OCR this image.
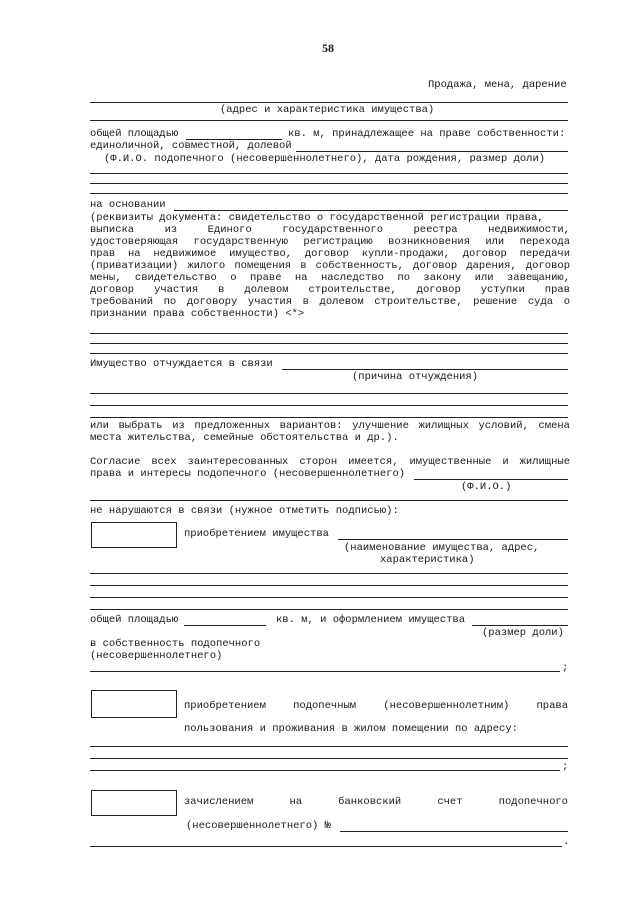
58
Продажа, мена, дарение
(адрес и характеристика имущества)
общей площадью	кв. м, принадлежащее на праве собственности:
единоличной, совместной, долевой
(Ф.И.О. подопечного (несовершеннолетнего), дата рождения, размер доли)
на основании
(реквизиты документа: свидетельство о государственной регистрации права,
выписка из Единого государственного реестра недвижимости,
удостоверяющая государственную регистрацию возникновения или перехода
прав на недвижимое имущество, договор купли-продажи, договор передачи
(приватизации) жилого помещения в собственность, договор дарения, договор
мены, свидетельство о праве на наследство по закону или завещанию,
договор участия в долевом строительстве, договор уступки прав
требований по договору участия в долевом строительстве, решение суда о
признании права собственности) <*>
Имущество отчуждается в связи
(причина отчуждения)
или выбрать из предложенных вариантов: улучшение жилищных условий, смена
места жительства, семейные обстоятельства и др.).
Согласие всех заинтересованных сторон имеется, имущественные и жилищные
права и интересы подопечного (несовершеннолетнего)
(Ф.И.О.)
не нарушаются в связи (нужное отметить подписью):
приобретением имущества
(наименование имущества, адрес,
характеристика)
общей площадью	кв. м, и оформлением имущества
(размер доли)
в собственность подопечного
(несовершеннолетнего)
;
приобретением подопечным (несовершеннолетним) права
пользования и проживания в жилом помещении по адресу:
;
зачислением на банковский счет подопечного
(несовершеннолетнего) №
.
